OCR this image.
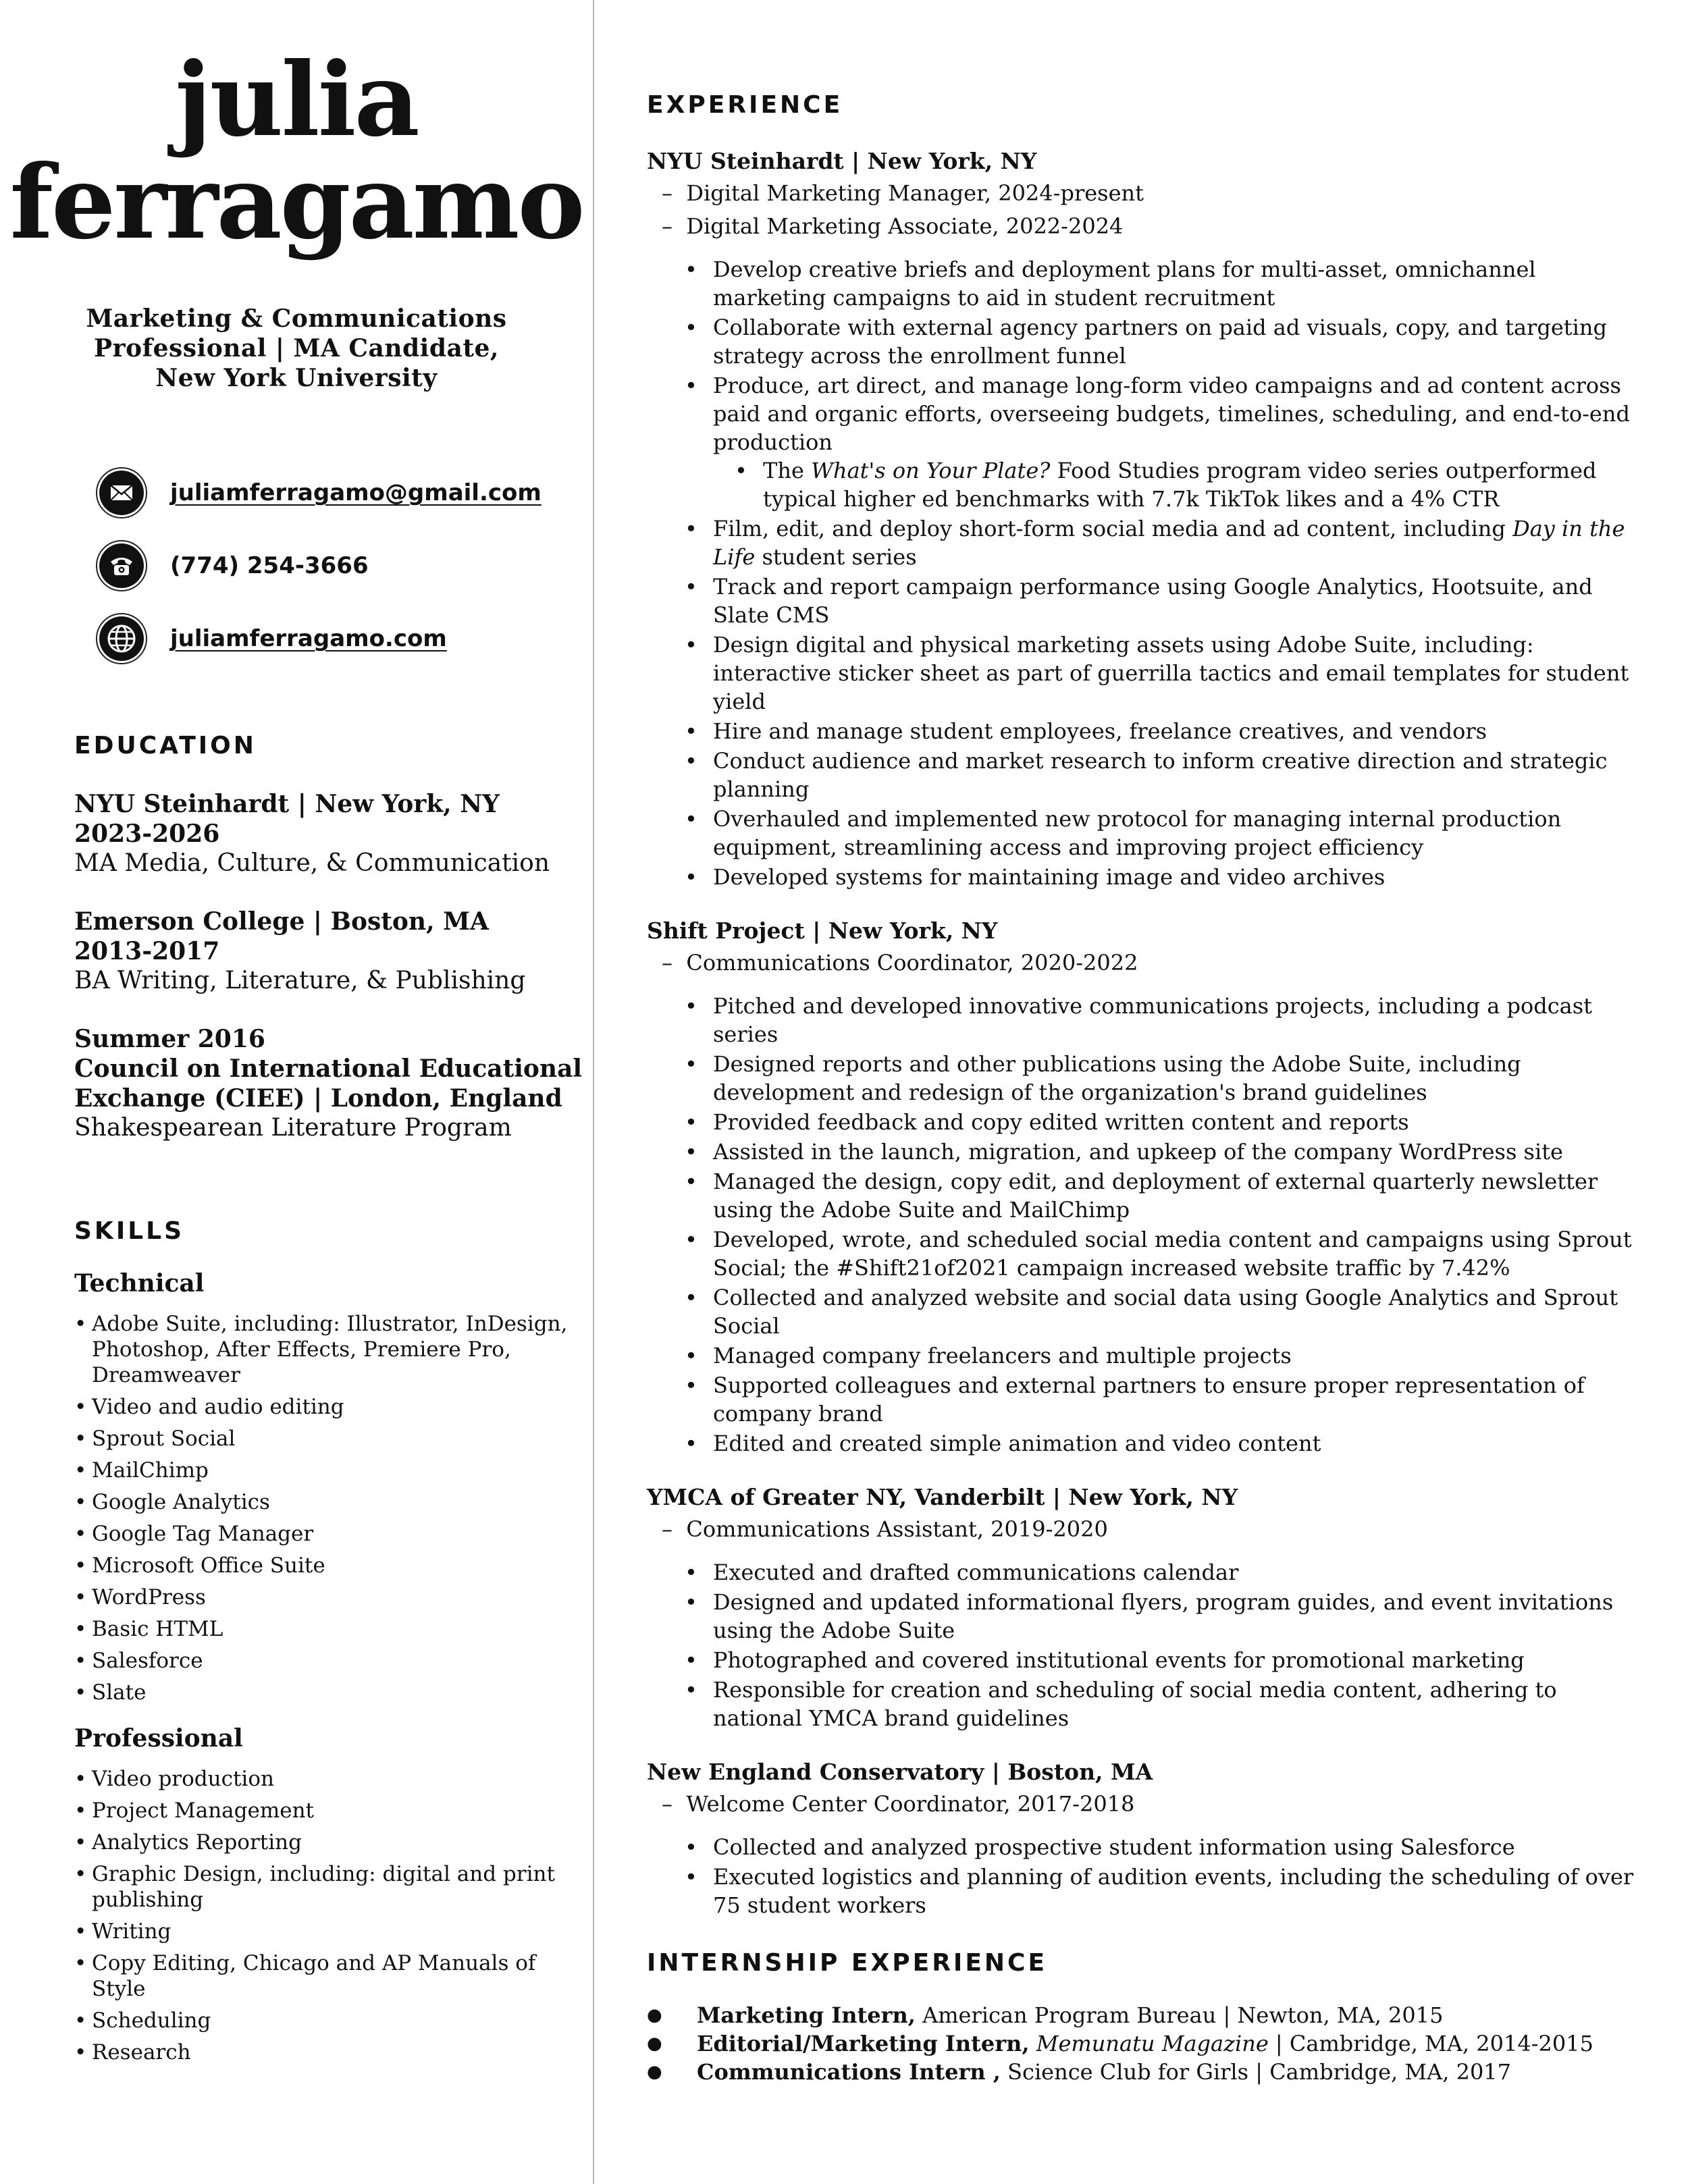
julia
ferragamo
Marketing & Communications
Professional | MA Candidate,
New York University
juliamferragamo@gmail.com
(774) 254-3666
juliamferragamo.com
EDUCATION
NYU Steinhardt | New York, NY
2023-2026
MA Media, Culture, & Communication
Emerson College | Boston, MA
2013-2017
BA Writing, Literature, & Publishing
Summer 2016
Council on International Educational
Exchange (CIEE) | London, England
Shakespearean Literature Program
SKILLS
Technical
• Adobe Suite, including: Illustrator, InDesign, Photoshop, After Effects, Premiere Pro, Dreamweaver
• Video and audio editing
• Sprout Social
• MailChimp
• Google Analytics
• Google Tag Manager
• Microsoft Office Suite
• WordPress
• Basic HTML
• Salesforce
• Slate
Professional
• Video production
• Project Management
• Analytics Reporting
• Graphic Design, including: digital and print publishing
• Writing
• Copy Editing, Chicago and AP Manuals of Style
• Scheduling
• Research
EXPERIENCE
NYU Steinhardt | New York, NY
–  Digital Marketing Manager, 2024-present
–  Digital Marketing Associate, 2022-2024
• Develop creative briefs and deployment plans for multi-asset, omnichannel marketing campaigns to aid in student recruitment
• Collaborate with external agency partners on paid ad visuals, copy, and targeting strategy across the enrollment funnel
• Produce, art direct, and manage long-form video campaigns and ad content across paid and organic efforts, overseeing budgets, timelines, scheduling, and end-to-end production
• The What's on Your Plate? Food Studies program video series outperformed typical higher ed benchmarks with 7.7k TikTok likes and a 4% CTR
• Film, edit, and deploy short-form social media and ad content, including Day in the Life student series
• Track and report campaign performance using Google Analytics, Hootsuite, and Slate CMS
• Design digital and physical marketing assets using Adobe Suite, including: interactive sticker sheet as part of guerrilla tactics and email templates for student yield
• Hire and manage student employees, freelance creatives, and vendors
• Conduct audience and market research to inform creative direction and strategic planning
• Overhauled and implemented new protocol for managing internal production equipment, streamlining access and improving project efficiency
• Developed systems for maintaining image and video archives
Shift Project | New York, NY
–  Communications Coordinator, 2020-2022
• Pitched and developed innovative communications projects, including a podcast series
• Designed reports and other publications using the Adobe Suite, including development and redesign of the organization's brand guidelines
• Provided feedback and copy edited written content and reports
• Assisted in the launch, migration, and upkeep of the company WordPress site
• Managed the design, copy edit, and deployment of external quarterly newsletter using the Adobe Suite and MailChimp
• Developed, wrote, and scheduled social media content and campaigns using Sprout Social; the #Shift21of2021 campaign increased website traffic by 7.42%
• Collected and analyzed website and social data using Google Analytics and Sprout Social
• Managed company freelancers and multiple projects
• Supported colleagues and external partners to ensure proper representation of company brand
• Edited and created simple animation and video content
YMCA of Greater NY, Vanderbilt | New York, NY
–  Communications Assistant, 2019-2020
• Executed and drafted communications calendar
• Designed and updated informational flyers, program guides, and event invitations using the Adobe Suite
• Photographed and covered institutional events for promotional marketing
• Responsible for creation and scheduling of social media content, adhering to national YMCA brand guidelines
New England Conservatory | Boston, MA
–  Welcome Center Coordinator, 2017-2018
• Collected and analyzed prospective student information using Salesforce
• Executed logistics and planning of audition events, including the scheduling of over 75 student workers
INTERNSHIP EXPERIENCE
● Marketing Intern, American Program Bureau | Newton, MA, 2015
● Editorial/Marketing Intern, Memunatu Magazine | Cambridge, MA, 2014-2015
● Communications Intern , Science Club for Girls | Cambridge, MA, 2017
